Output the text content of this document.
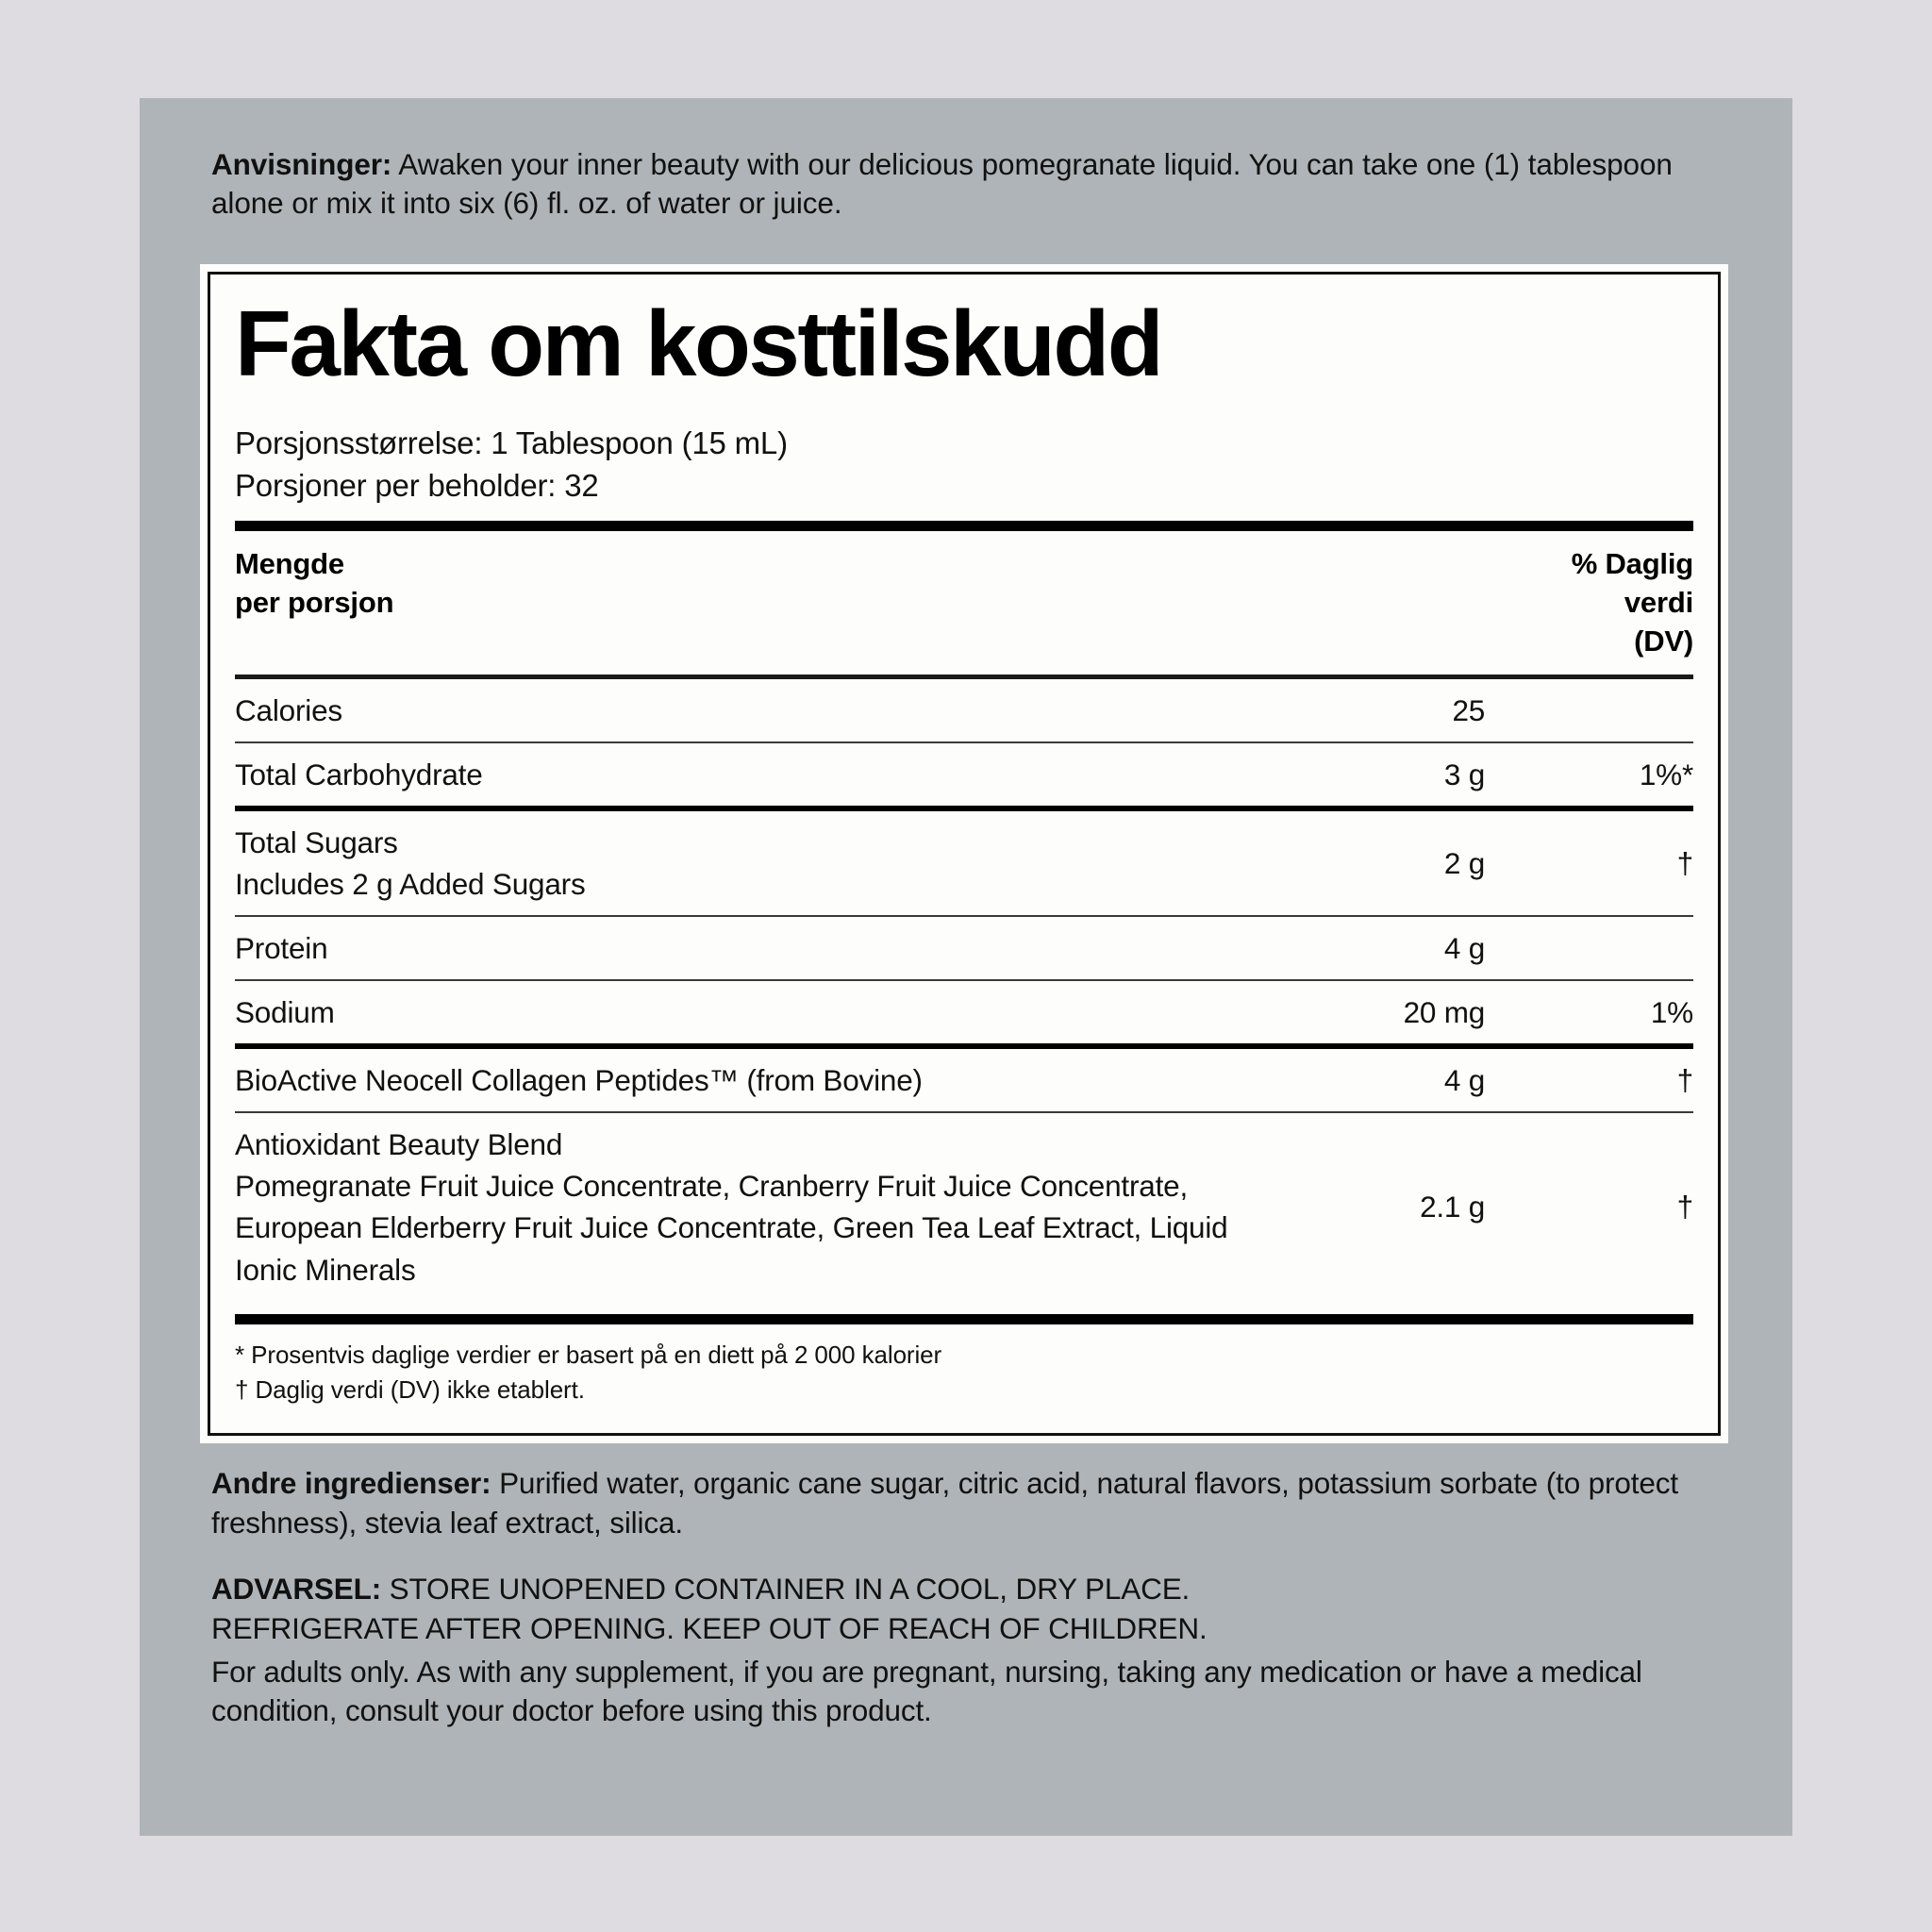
Anvisninger: Awaken your inner beauty with our delicious pomegranate liquid. You can take one (1) tablespoon alone or mix it into six (6) fl. oz. of water or juice.
Fakta om kosttilskudd
Porsjonsstørrelse: 1 Tablespoon (15 mL)
Porsjoner per beholder: 32
Mengde
per porsjon
% Daglig
verdi
(DV)
Calories	25	
Total Carbohydrate	3 g	1%*

Total Sugars
Includes 2 g Added Sugars	2 g	†
Protein	4 g	
Sodium	20 mg	1%
BioActive Neocell Collagen Peptides™ (from Bovine)	4 g	†

Antioxidant Beauty Blend
Pomegranate Fruit Juice Concentrate, Cranberry Fruit Juice Concentrate,
European Elderberry Fruit Juice Concentrate, Green Tea Leaf Extract, Liquid
Ionic Minerals	2.1 g	†
* Prosentvis daglige verdier er basert på en diett på 2 000 kalorier
† Daglig verdi (DV) ikke etablert.
Andre ingredienser: Purified water, organic cane sugar, citric acid, natural flavors, potassium sorbate (to protect freshness), stevia leaf extract, silica.
ADVARSEL: STORE UNOPENED CONTAINER IN A COOL, DRY PLACE.
REFRIGERATE AFTER OPENING. KEEP OUT OF REACH OF CHILDREN.
For adults only. As with any supplement, if you are pregnant, nursing, taking any medication or have a medical condition, consult your doctor before using this product.
